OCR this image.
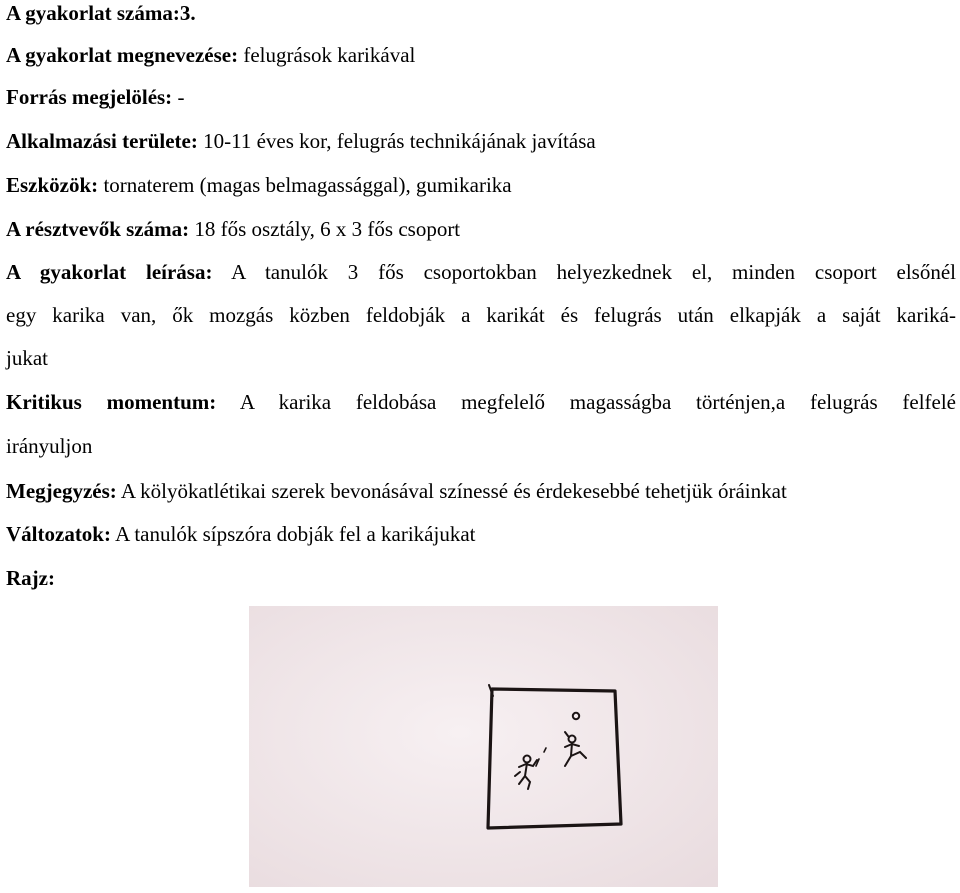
A gyakorlat száma:3.
A gyakorlat megnevezése: felugrások karikával
Forrás megjelölés: -
Alkalmazási területe: 10-11 éves kor, felugrás technikájának javítása
Eszközök: tornaterem (magas belmagassággal), gumikarika
A résztvevők száma: 18 fős osztály, 6 x 3 fős csoport
A gyakorlat leírása: A tanulók 3 fős csoportokban helyezkednek el, minden csoport elsőnél
egy karika van, ők mozgás közben feldobják a karikát és felugrás után elkapják a saját kariká-
jukat
Kritikus momentum: A karika feldobása megfelelő magasságba történjen,a felugrás felfelé
irányuljon
Megjegyzés: A kölyökatlétikai szerek bevonásával színessé és érdekesebbé tehetjük óráinkat
Változatok: A tanulók sípszóra dobják fel a karikájukat
Rajz:
